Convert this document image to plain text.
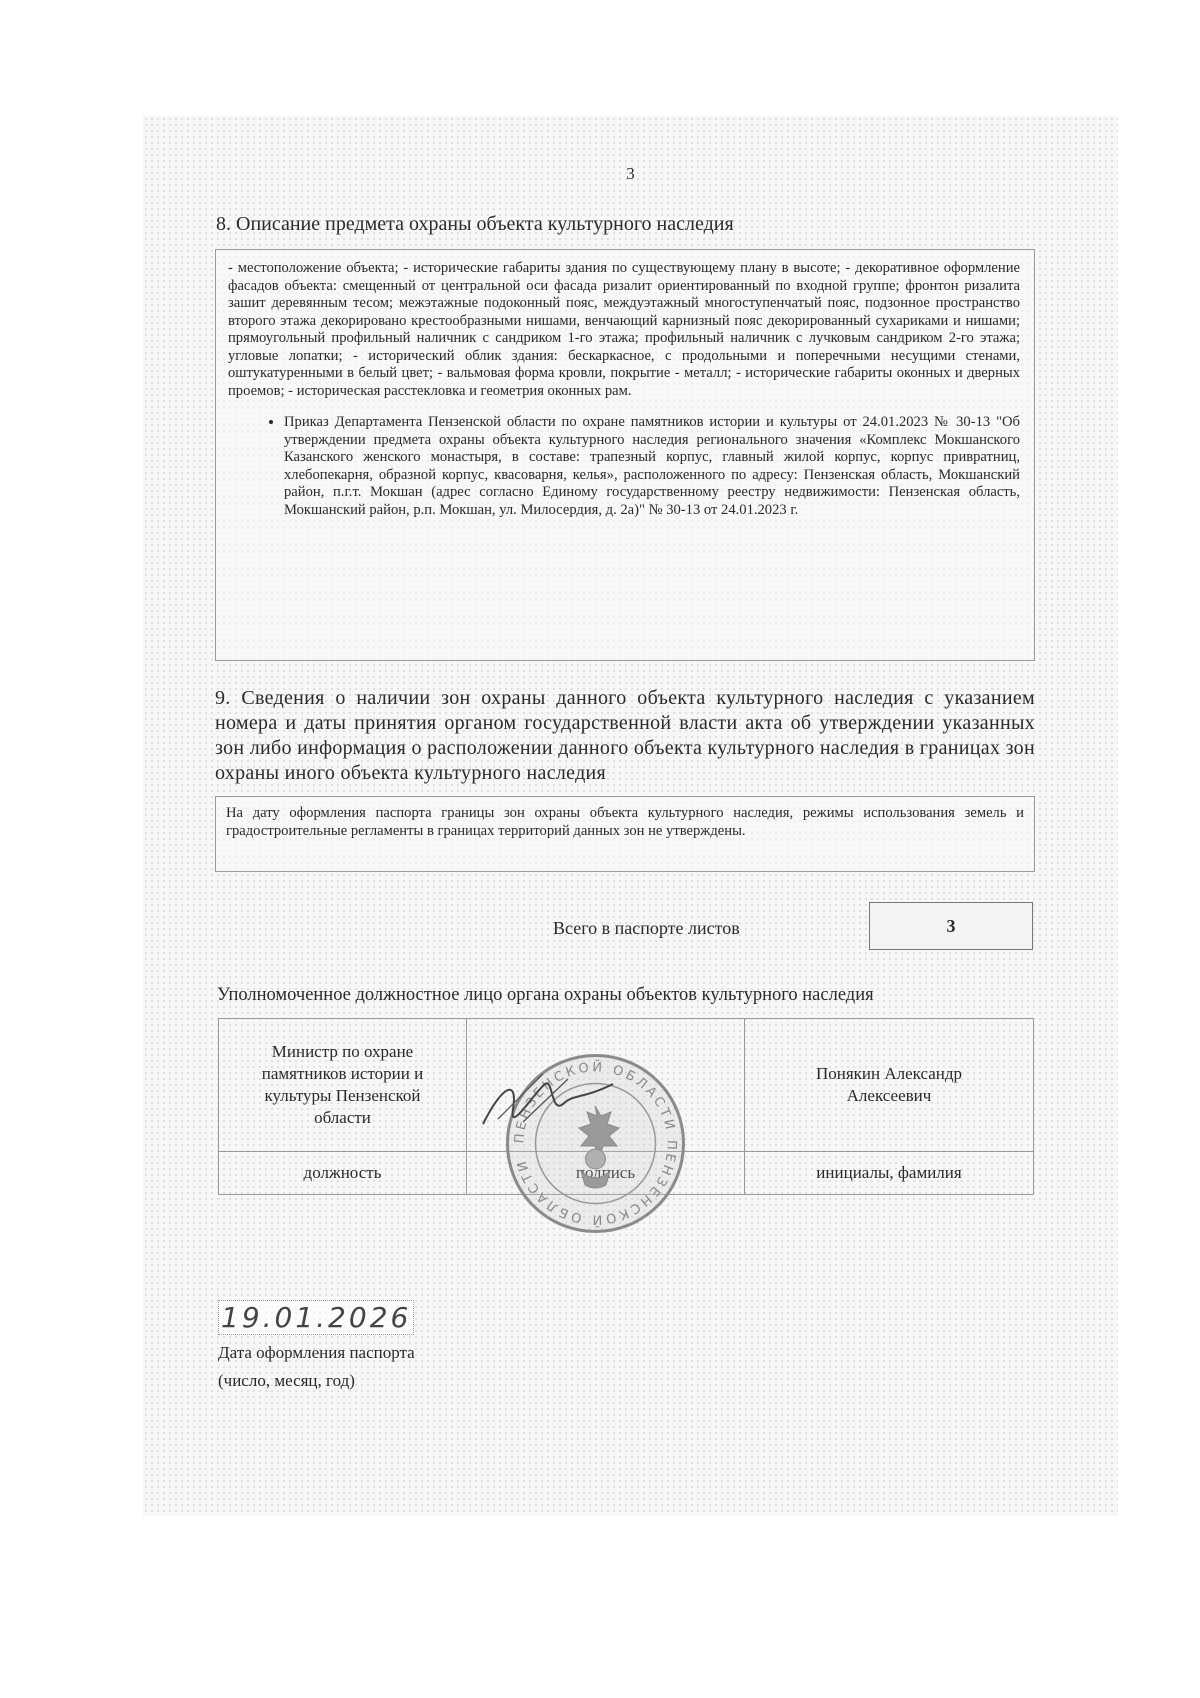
3
8. Описание предмета охраны объекта культурного наследия
- местоположение объекта; - исторические габариты здания по существующему плану в высоте; - декоративное оформление фасадов объекта: смещенный от центральной оси фасада ризалит ориентированный по входной группе; фронтон ризалита зашит деревянным тесом; межэтажные подоконный пояс, междуэтажный многоступенчатый пояс, подзонное пространство второго этажа декорировано крестообразными нишами, венчающий карнизный пояс декорированный сухариками и нишами; прямоугольный профильный наличник с сандриком 1-го этажа; профильный наличник с лучковым сандриком 2-го этажа; угловые лопатки; - исторический облик здания: бескаркасное, с продольными и поперечными несущими стенами, оштукатуренными в белый цвет; - вальмовая форма кровли, покрытие - металл; - исторические габариты оконных и дверных проемов; - историческая расстекловка и геометрия оконных рам.
• Приказ Департамента Пензенской области по охране памятников истории и культуры от 24.01.2023 № 30-13 "Об утверждении предмета охраны объекта культурного наследия регионального значения «Комплекс Мокшанского Казанского женского монастыря, в составе: трапезный корпус, главный жилой корпус, корпус привратниц, хлебопекарня, образной корпус, квасоварня, келья», расположенного по адресу: Пензенская область, Мокшанский район, п.г.т. Мокшан (адрес согласно Единому государственному реестру недвижимости: Пензенская область, Мокшанский район, р.п. Мокшан, ул. Милосердия, д. 2а)" № 30-13 от 24.01.2023 г.
9. Сведения о наличии зон охраны данного объекта культурного наследия с указанием номера и даты принятия органом государственной власти акта об утверждении указанных зон либо информация о расположении данного объекта культурного наследия в границах зон охраны иного объекта культурного наследия
На дату оформления паспорта границы зон охраны объекта культурного наследия, режимы использования земель и градостроительные регламенты в границах территорий данных зон не утверждены.
Всего в паспорте листов	3
Уполномоченное должностное лицо органа охраны объектов культурного наследия
Министр по охране памятников истории и культуры Пензенской области		Понякин Александр Алексеевич
должность		инициалы, фамилия
ПЕНЗЕНСКОЙ ОБЛАСТИ ПЕНЗЕНСКОЙ ОБЛАСТИ
19.01.2026
Дата оформления паспорта
(число, месяц, год)
